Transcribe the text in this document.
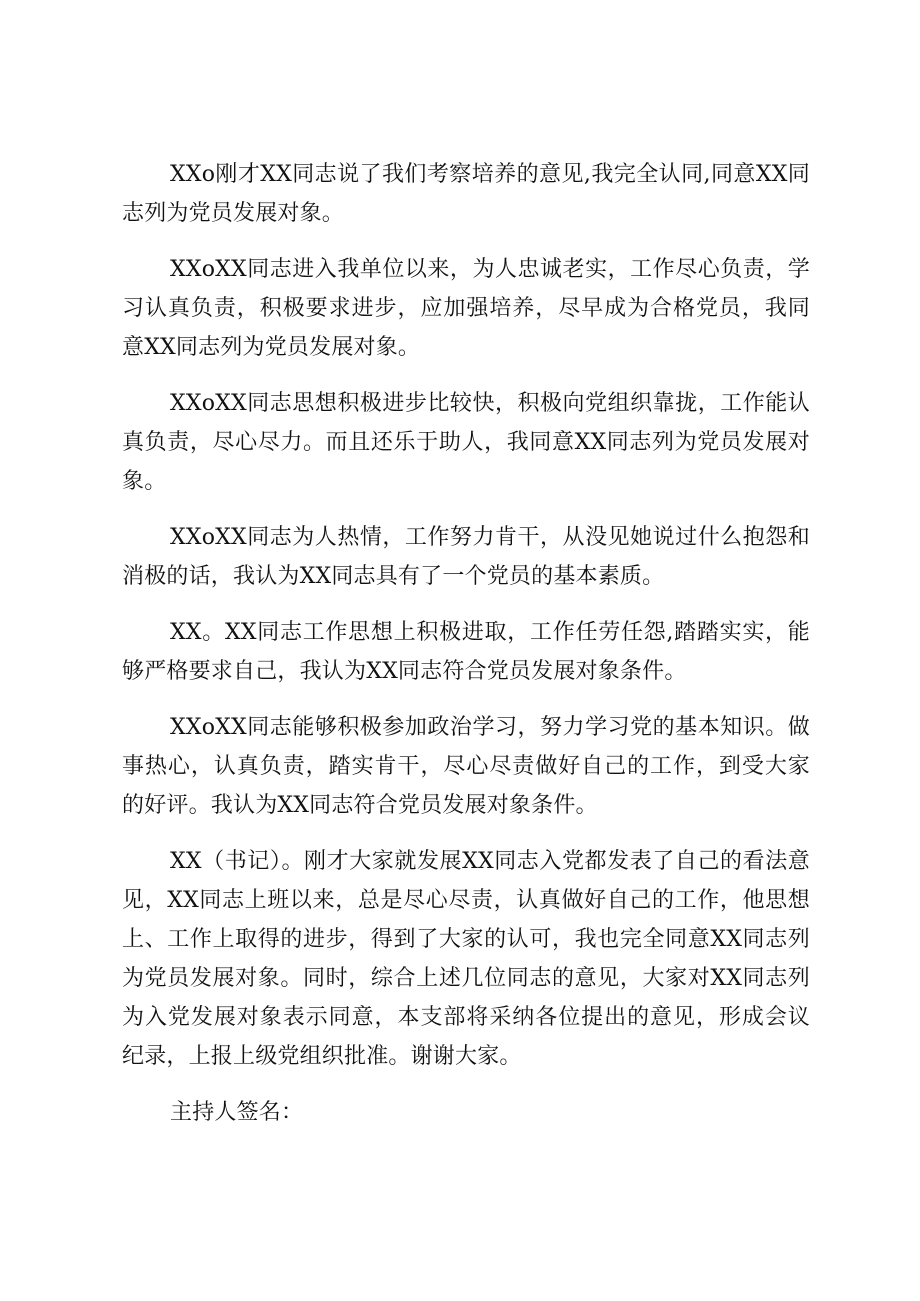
XXo刚才XX同志说了我们考察培养的意见,我完全认同,同意XX同志列为党员发展对象。

XXoXX同志进入我单位以来，为人忠诚老实，工作尽心负责，学习认真负责，积极要求进步，应加强培养，尽早成为合格党员，我同意XX同志列为党员发展对象。

XXoXX同志思想积极进步比较快，积极向党组织靠拢，工作能认真负责，尽心尽力。而且还乐于助人，我同意XX同志列为党员发展对象。

XXoXX同志为人热情，工作努力肯干，从没见她说过什么抱怨和消极的话，我认为XX同志具有了一个党员的基本素质。

XX。XX同志工作思想上积极进取，工作任劳任怨,踏踏实实，能够严格要求自己，我认为XX同志符合党员发展对象条件。

XXoXX同志能够积极参加政治学习，努力学习党的基本知识。做事热心，认真负责，踏实肯干，尽心尽责做好自己的工作，到受大家的好评。我认为XX同志符合党员发展对象条件。

XX（书记）。刚才大家就发展XX同志入党都发表了自己的看法意见，XX同志上班以来，总是尽心尽责，认真做好自己的工作，他思想上、工作上取得的进步，得到了大家的认可，我也完全同意XX同志列为党员发展对象。同时，综合上述几位同志的意见，大家对XX同志列为入党发展对象表示同意，本支部将采纳各位提出的意见，形成会议纪录，上报上级党组织批准。谢谢大家。

主持人签名：
